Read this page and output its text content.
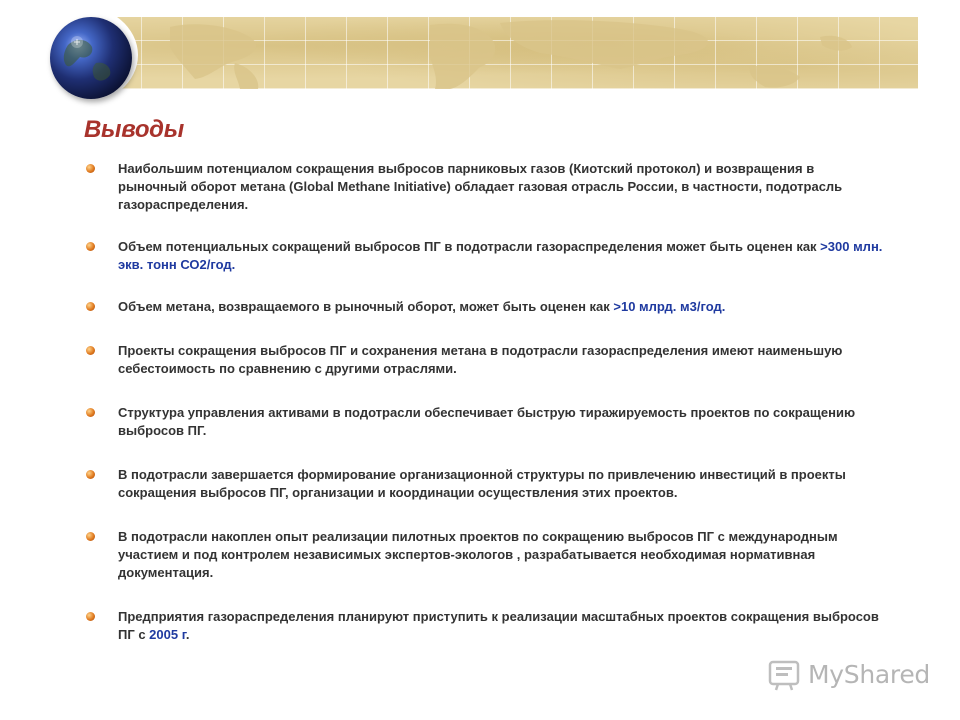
Выводы
Наибольшим потенциалом сокращения выбросов парниковых газов (Киотский протокол) и возвращения в рыночный оборот метана (Global Methane Initiative) обладает газовая отрасль России, в частности, подотрасль газораспределения.
Объем потенциальных сокращений выбросов ПГ в подотрасли газораспределения может быть оценен как >300 млн. экв. тонн СО2/год.
Объем метана, возвращаемого в рыночный оборот, может быть оценен как >10 млрд. м3/год.
Проекты сокращения выбросов ПГ и сохранения метана в подотрасли газораспределения имеют наименьшую себестоимость по сравнению с другими отраслями.
Структура управления активами в подотрасли обеспечивает быструю тиражируемость проектов по сокращению выбросов ПГ.
В подотрасли завершается формирование организационной структуры по привлечению инвестиций в проекты сокращения выбросов ПГ, организации и координации осуществления этих проектов.
В подотрасли накоплен опыт реализации пилотных проектов по сокращению выбросов ПГ с международным участием и под контролем независимых экспертов-экологов , разрабатывается необходимая нормативная документация.
Предприятия газораспределения планируют приступить к реализации масштабных проектов сокращения выбросов ПГ с 2005 г.
MyShared
